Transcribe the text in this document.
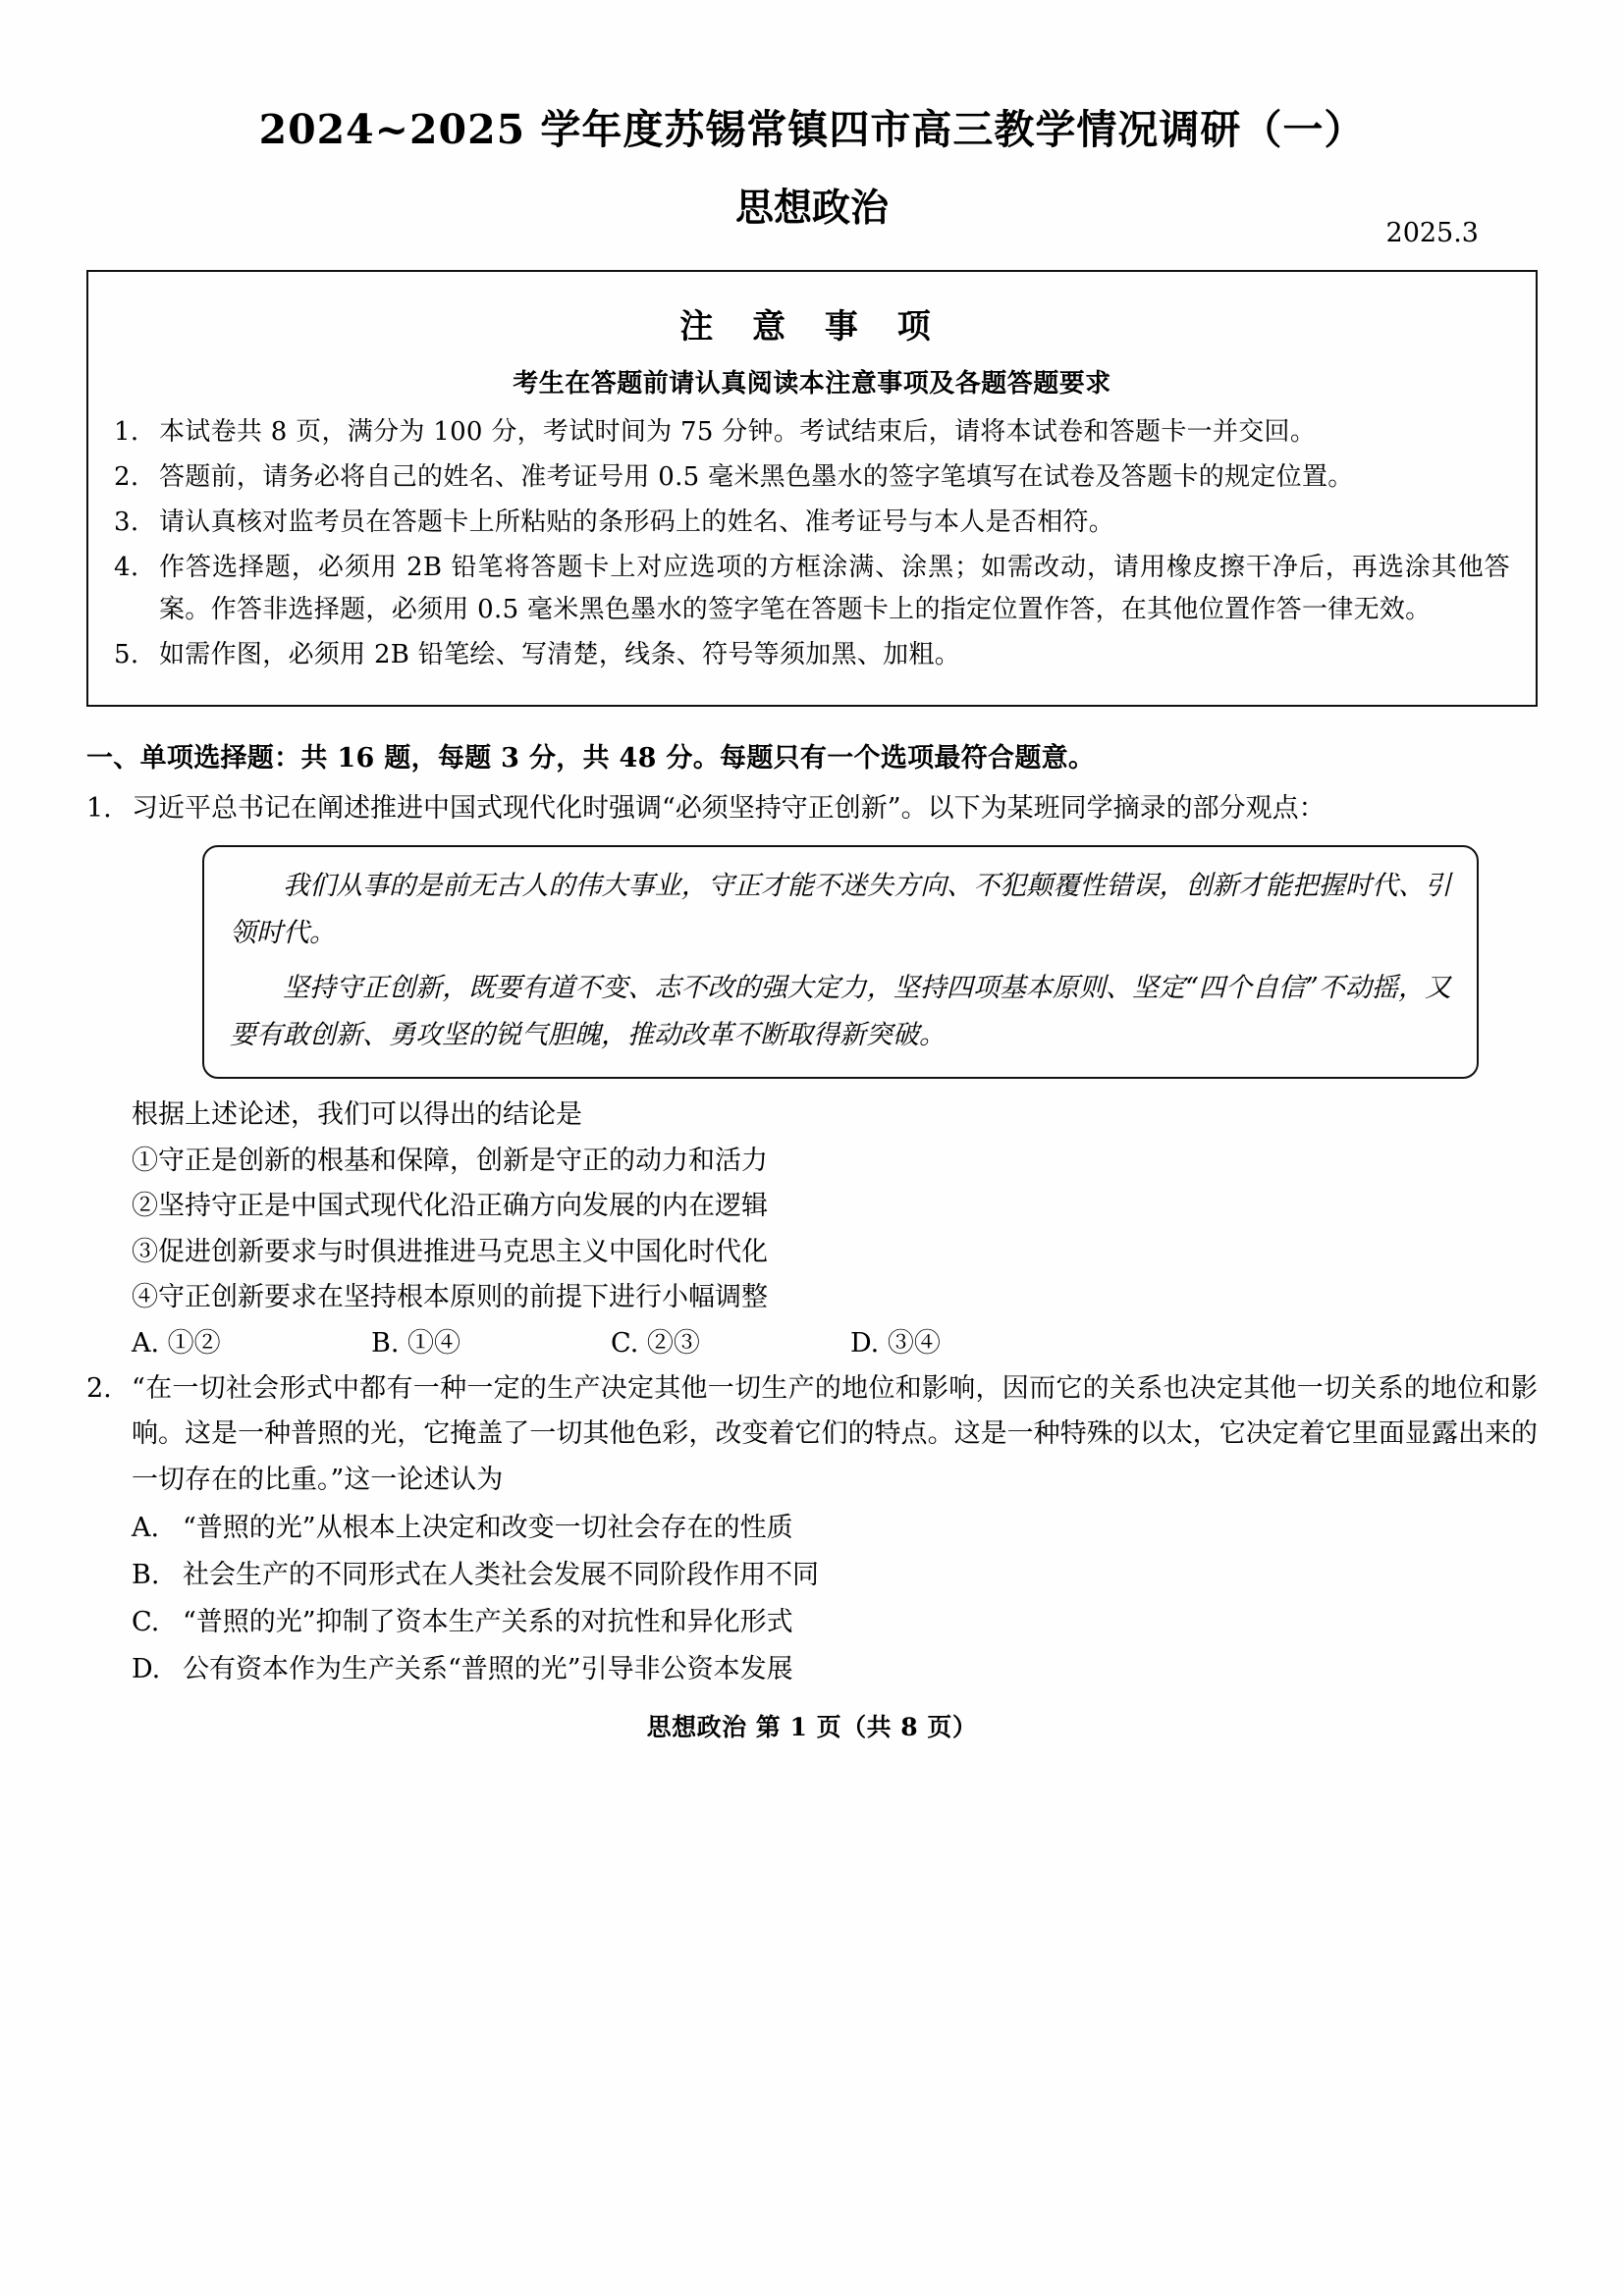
2024~2025 学年度苏锡常镇四市高三教学情况调研（一）
思想政治
2025.3
注 意 事 项
考生在答题前请认真阅读本注意事项及各题答题要求
1. 本试卷共 8 页，满分为 100 分，考试时间为 75 分钟。考试结束后，请将本试卷和答题卡一并交回。
2. 答题前，请务必将自己的姓名、准考证号用 0.5 毫米黑色墨水的签字笔填写在试卷及答题卡的规定位置。
3. 请认真核对监考员在答题卡上所粘贴的条形码上的姓名、准考证号与本人是否相符。
4. 作答选择题，必须用 2B 铅笔将答题卡上对应选项的方框涂满、涂黑；如需改动，请用橡皮擦干净后，再选涂其他答案。作答非选择题，必须用 0.5 毫米黑色墨水的签字笔在答题卡上的指定位置作答，在其他位置作答一律无效。
5. 如需作图，必须用 2B 铅笔绘、写清楚，线条、符号等须加黑、加粗。
一、单项选择题：共 16 题，每题 3 分，共 48 分。每题只有一个选项最符合题意。
1. 习近平总书记在阐述推进中国式现代化时强调“必须坚持守正创新”。以下为某班同学摘录的部分观点：

我们从事的是前无古人的伟大事业，守正才能不迷失方向、不犯颠覆性错误，创新才能把握时代、引领时代。

坚持守正创新，既要有道不变、志不改的强大定力，坚持四项基本原则、坚定“四个自信”不动摇，又要有敢创新、勇攻坚的锐气胆魄，推动改革不断取得新突破。

根据上述论述，我们可以得出的结论是
①守正是创新的根基和保障，创新是守正的动力和活力
②坚持守正是中国式现代化沿正确方向发展的内在逻辑
③促进创新要求与时俱进推进马克思主义中国化时代化
④守正创新要求在坚持根本原则的前提下进行小幅调整
A. ①②	B. ①④	C. ②③	D. ③④
2. “在一切社会形式中都有一种一定的生产决定其他一切生产的地位和影响，因而它的关系也决定其他一切关系的地位和影响。这是一种普照的光，它掩盖了一切其他色彩，改变着它们的特点。这是一种特殊的以太，它决定着它里面显露出来的一切存在的比重。”这一论述认为
A. “普照的光”从根本上决定和改变一切社会存在的性质
B. 社会生产的不同形式在人类社会发展不同阶段作用不同
C. “普照的光”抑制了资本生产关系的对抗性和异化形式
D. 公有资本作为生产关系“普照的光”引导非公资本发展
思想政治 第 1 页（共 8 页）
